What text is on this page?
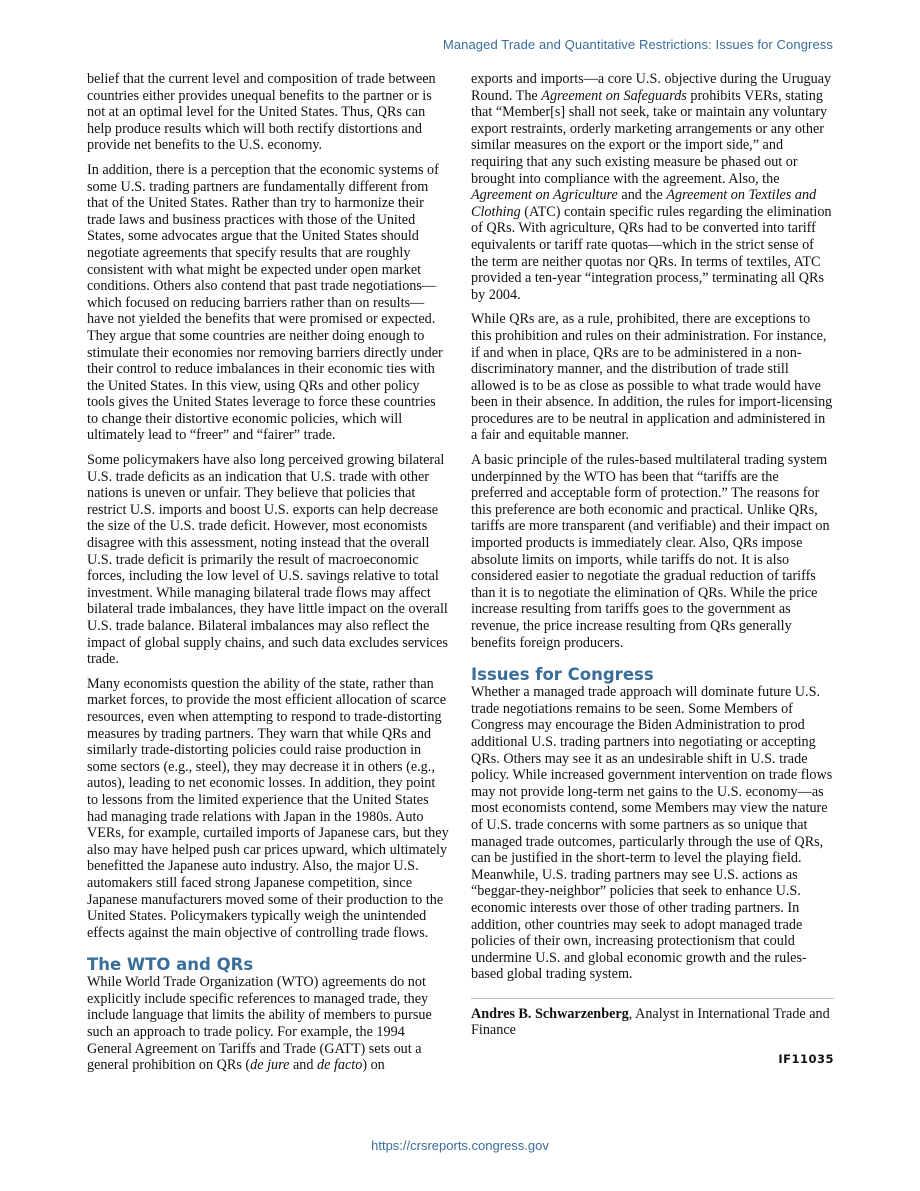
Managed Trade and Quantitative Restrictions: Issues for Congress

belief that the current level and composition of trade between countries either provides unequal benefits to the partner or is not at an optimal level for the United States. Thus, QRs can help produce results which will both rectify distortions and provide net benefits to the U.S. economy.

In addition, there is a perception that the economic systems of some U.S. trading partners are fundamentally different from that of the United States. Rather than try to harmonize their trade laws and business practices with those of the United States, some advocates argue that the United States should negotiate agreements that specify results that are roughly consistent with what might be expected under open market conditions. Others also contend that past trade negotiations—which focused on reducing barriers rather than on results—have not yielded the benefits that were promised or expected. They argue that some countries are neither doing enough to stimulate their economies nor removing barriers directly under their control to reduce imbalances in their economic ties with the United States. In this view, using QRs and other policy tools gives the United States leverage to force these countries to change their distortive economic policies, which will ultimately lead to “freer” and “fairer” trade.

Some policymakers have also long perceived growing bilateral U.S. trade deficits as an indication that U.S. trade with other nations is uneven or unfair. They believe that policies that restrict U.S. imports and boost U.S. exports can help decrease the size of the U.S. trade deficit. However, most economists disagree with this assessment, noting instead that the overall U.S. trade deficit is primarily the result of macroeconomic forces, including the low level of U.S. savings relative to total investment. While managing bilateral trade flows may affect bilateral trade imbalances, they have little impact on the overall U.S. trade balance. Bilateral imbalances may also reflect the impact of global supply chains, and such data excludes services trade.

Many economists question the ability of the state, rather than market forces, to provide the most efficient allocation of scarce resources, even when attempting to respond to trade-distorting measures by trading partners. They warn that while QRs and similarly trade-distorting policies could raise production in some sectors (e.g., steel), they may decrease it in others (e.g., autos), leading to net economic losses. In addition, they point to lessons from the limited experience that the United States had managing trade relations with Japan in the 1980s. Auto VERs, for example, curtailed imports of Japanese cars, but they also may have helped push car prices upward, which ultimately benefitted the Japanese auto industry. Also, the major U.S. automakers still faced strong Japanese competition, since Japanese manufacturers moved some of their production to the United States. Policymakers typically weigh the unintended effects against the main objective of controlling trade flows.

The WTO and QRs

While World Trade Organization (WTO) agreements do not explicitly include specific references to managed trade, they include language that limits the ability of members to pursue such an approach to trade policy. For example, the 1994 General Agreement on Tariffs and Trade (GATT) sets out a general prohibition on QRs (de jure and de facto) on

exports and imports—a core U.S. objective during the Uruguay Round. The Agreement on Safeguards prohibits VERs, stating that “Member[s] shall not seek, take or maintain any voluntary export restraints, orderly marketing arrangements or any other similar measures on the export or the import side,” and requiring that any such existing measure be phased out or brought into compliance with the agreement. Also, the Agreement on Agriculture and the Agreement on Textiles and Clothing (ATC) contain specific rules regarding the elimination of QRs. With agriculture, QRs had to be converted into tariff equivalents or tariff rate quotas—which in the strict sense of the term are neither quotas nor QRs. In terms of textiles, ATC provided a ten-year “integration process,” terminating all QRs by 2004.

While QRs are, as a rule, prohibited, there are exceptions to this prohibition and rules on their administration. For instance, if and when in place, QRs are to be administered in a non-discriminatory manner, and the distribution of trade still allowed is to be as close as possible to what trade would have been in their absence. In addition, the rules for import-licensing procedures are to be neutral in application and administered in a fair and equitable manner.

A basic principle of the rules-based multilateral trading system underpinned by the WTO has been that “tariffs are the preferred and acceptable form of protection.” The reasons for this preference are both economic and practical. Unlike QRs, tariffs are more transparent (and verifiable) and their impact on imported products is immediately clear. Also, QRs impose absolute limits on imports, while tariffs do not. It is also considered easier to negotiate the gradual reduction of tariffs than it is to negotiate the elimination of QRs. While the price increase resulting from tariffs goes to the government as revenue, the price increase resulting from QRs generally benefits foreign producers.

Issues for Congress

Whether a managed trade approach will dominate future U.S. trade negotiations remains to be seen. Some Members of Congress may encourage the Biden Administration to prod additional U.S. trading partners into negotiating or accepting QRs. Others may see it as an undesirable shift in U.S. trade policy. While increased government intervention on trade flows may not provide long-term net gains to the U.S. economy—as most economists contend, some Members may view the nature of U.S. trade concerns with some partners as so unique that managed trade outcomes, particularly through the use of QRs, can be justified in the short-term to level the playing field. Meanwhile, U.S. trading partners may see U.S. actions as “beggar-they-neighbor” policies that seek to enhance U.S. economic interests over those of other trading partners. In addition, other countries may seek to adopt managed trade policies of their own, increasing protectionism that could undermine U.S. and global economic growth and the rules-based global trading system.

Andres B. Schwarzenberg, Analyst in International Trade and Finance

IF11035
https://crsreports.congress.gov
